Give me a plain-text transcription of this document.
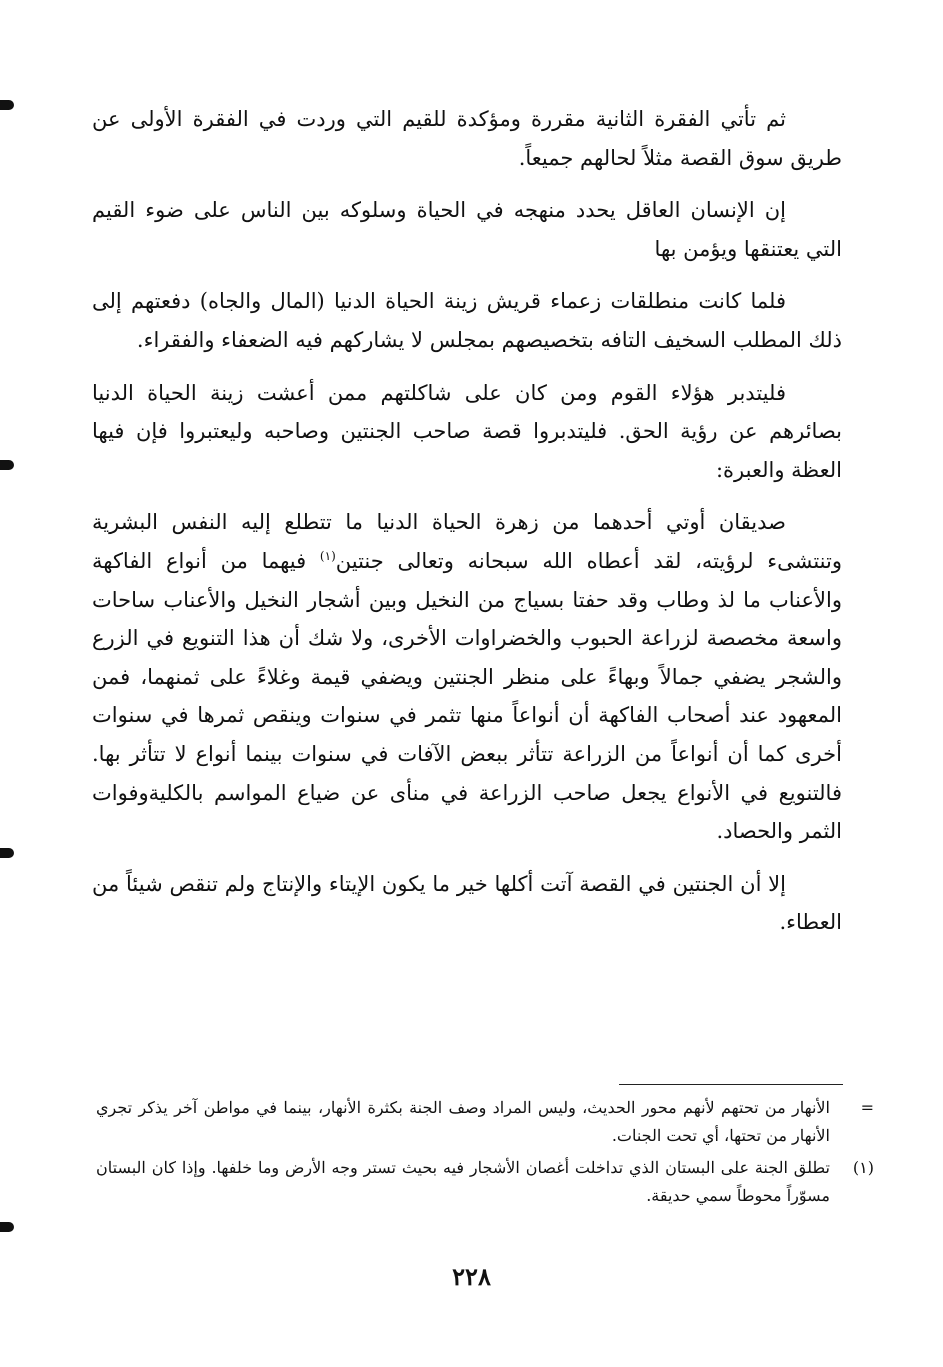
ثم تأتي الفقرة الثانية مقررة ومؤكدة للقيم التي وردت في الفقرة الأولى عن طريق سوق القصة مثلاً لحالهم جميعاً.

إن الإنسان العاقل يحدد منهجه في الحياة وسلوكه بين الناس على ضوء القيم التي يعتنقها ويؤمن بها

فلما كانت منطلقات زعماء قريش زينة الحياة الدنيا (المال والجاه) دفعتهم إلى ذلك المطلب السخيف التافه بتخصيصهم بمجلس لا يشاركهم فيه الضعفاء والفقراء.

فليتدبر هؤلاء القوم ومن كان على شاكلتهم ممن أعشت زينة الحياة الدنيا بصائرهم عن رؤية الحق. فليتدبروا قصة صاحب الجنتين وصاحبه وليعتبروا فإن فيها العظة والعبرة:

صديقان أوتي أحدهما من زهرة الحياة الدنيا ما تتطلع إليه النفس البشرية وتنتشىء لرؤيته، لقد أعطاه الله سبحانه وتعالى جنتين$^{(١)}$ فيهما من أنواع الفاكهة والأعناب ما لذ وطاب وقد حفتا بسياج من النخيل وبين أشجار النخيل والأعناب ساحات واسعة مخصصة لزراعة الحبوب والخضراوات الأخرى، ولا شك أن هذا التنويع في الزرع والشجر يضفي جمالاً وبهاءً على منظر الجنتين ويضفي قيمة وغلاءً على ثمنهما، فمن المعهود عند أصحاب الفاكهة أن أنواعاً منها تثمر في سنوات وينقص ثمرها في سنوات أخرى كما أن أنواعاً من الزراعة تتأثر ببعض الآفات في سنوات بينما أنواع لا تتأثر بها. فالتنويع في الأنواع يجعل صاحب الزراعة في منأى عن ضياع المواسم بالكليةوفوات الثمر والحصاد.

إلا أن الجنتين في القصة آتت أكلها خير ما يكون الإيتاء والإنتاج ولم تنقص شيئاً من العطاء.

=
الأنهار من تحتهم لأنهم محور الحديث، وليس المراد وصف الجنة بكثرة الأنهار، بينما في مواطن آخر يذكر تجري الأنهار من تحتها، أي تحت الجنات.
(١)
تطلق الجنة على البستان الذي تداخلت أغصان الأشجار فيه بحيث تستر وجه الأرض وما خلفها. وإذا كان البستان مسوّراً محوطاً سمي حديقة.
٢٢٨
